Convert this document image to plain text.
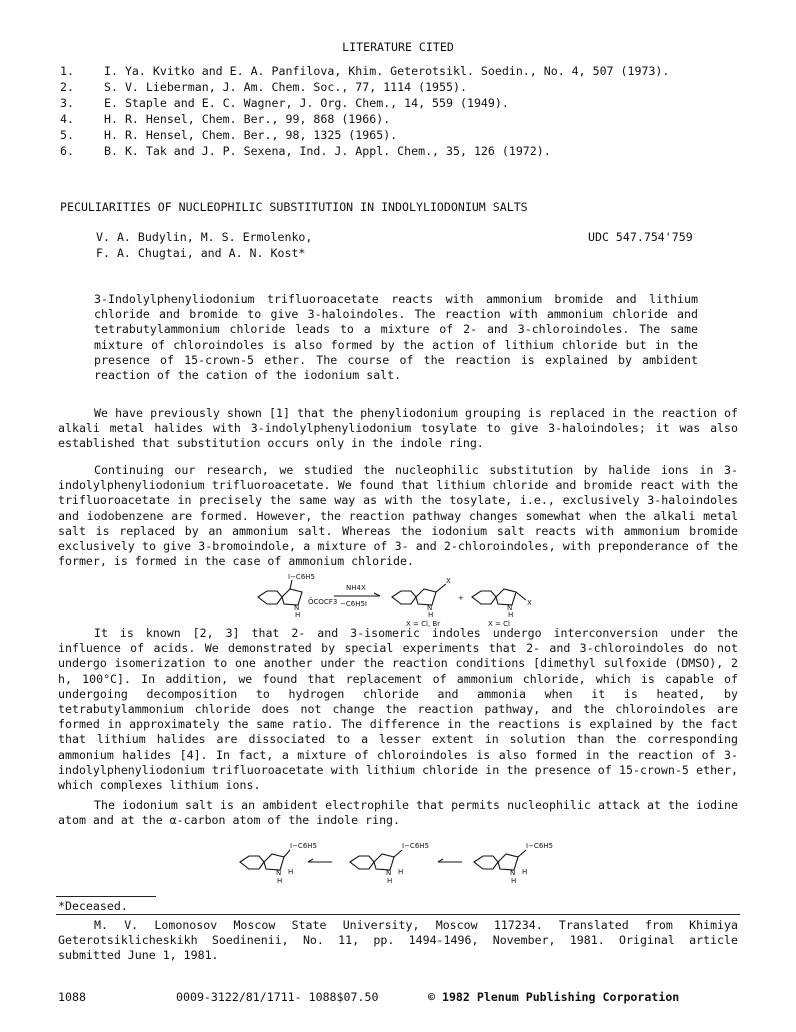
LITERATURE CITED
1.	I. Ya. Kvitko and E. A. Panfilova, Khim. Geterotsikl. Soedin., No. 4, 507 (1973).
2.	S. V. Lieberman, J. Am. Chem. Soc., 77, 1114 (1955).
3.	E. Staple and E. C. Wagner, J. Org. Chem., 14, 559 (1949).
4.	H. R. Hensel, Chem. Ber., 99, 868 (1966).
5.	H. R. Hensel, Chem. Ber., 98, 1325 (1965).
6.	B. K. Tak and J. P. Sexena, Ind. J. Appl. Chem., 35, 126 (1972).
PECULIARITIES OF NUCLEOPHILIC SUBSTITUTION IN INDOLYLIODONIUM SALTS
V. A. Budylin, M. S. Ermolenko,
F. A. Chugtai, and A. N. Kost*
UDC 547.754'759
3-Indolylphenyliodonium trifluoroacetate reacts with ammonium bromide and lithium chloride and bromide to give 3-haloindoles. The reaction with ammonium chloride and tetrabutylammonium chloride leads to a mixture of 2- and 3-chloroindoles. The same mixture of chloroindoles is also formed by the action of lithium chloride but in the presence of 15-crown-5 ether. The course of the reaction is explained by ambident reaction of the cation of the iodonium salt.
We have previously shown [1] that the phenyliodonium grouping is replaced in the reaction of alkali metal halides with 3-indolylphenyliodonium tosylate to give 3-haloindoles; it was also established that substitution occurs only in the indole ring.
Continuing our research, we studied the nucleophilic substitution by halide ions in 3-indolylphenyliodonium trifluoroacetate. We found that lithium chloride and bromide react with the trifluoroacetate in precisely the same way as with the tosylate, i.e., exclusively 3-haloindoles and iodobenzene are formed. However, the reaction pathway changes somewhat when the alkali metal salt is replaced by an ammonium salt. Whereas the iodonium salt reacts with ammonium bromide exclusively to give 3-bromoindole, a mixture of 3- and 2-chloroindoles, with preponderance of the former, is formed in the case of ammonium chloride.
I−C6H5
ŌCOCF3
NH4X
−C6H5I
N
H
N
H
X
+
N
H
X
X = Cl, Br	X = Cl
It is known [2, 3] that 2- and 3-isomeric indoles undergo interconversion under the influence of acids. We demonstrated by special experiments that 2- and 3-chloroindoles do not undergo isomerization to one another under the reaction conditions [dimethyl sulfoxide (DMSO), 2 h, 100°C]. In addition, we found that replacement of ammonium chloride, which is capable of undergoing decomposition to hydrogen chloride and ammonia when it is heated, by tetrabutylammonium chloride does not change the reaction pathway, and the chloroindoles are formed in approximately the same ratio. The difference in the reactions is explained by the fact that lithium halides are dissociated to a lesser extent in solution than the corresponding ammonium halides [4]. In fact, a mixture of chloroindoles is also formed in the reaction of 3-indolylphenyliodonium trifluoroacetate with lithium chloride in the presence of 15-crown-5 ether, which complexes lithium ions.
The iodonium salt is an ambident electrophile that permits nucleophilic attack at the iodine atom and at the α-carbon atom of the indole ring.
I−C6H5	I−C6H5	I−C6H5
N
H
H	N
H
H	N
H
H
*Deceased.
M. V. Lomonosov Moscow State University, Moscow 117234. Translated from Khimiya Geterotsiklicheskikh Soedinenii, No. 11, pp. 1494-1496, November, 1981. Original article submitted June 1, 1981.
1088	0009-3122/81/1711- 1088$07.50	© 1982 Plenum Publishing Corporation
